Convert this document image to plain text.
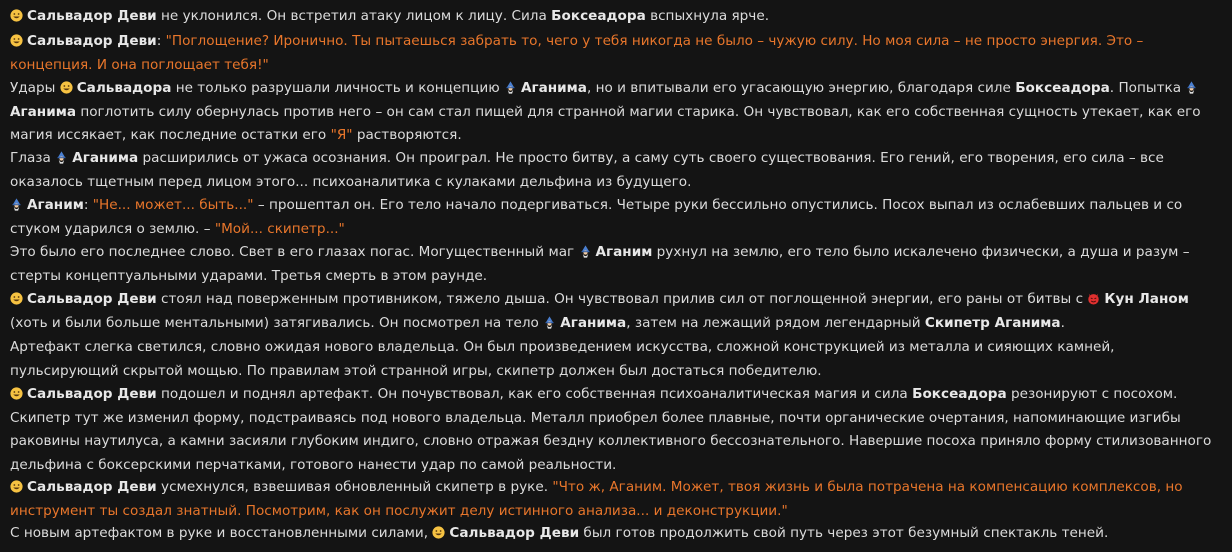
Сальвадор Деви не уклонился. Он встретил атаку лицом к лицу. Сила Боксеадора вспыхнула ярче.
Сальвадор Деви: "Поглощение? Иронично. Ты пытаешься забрать то, чего у тебя никогда не было – чужую силу. Но моя сила – не просто энергия. Это – концепция. И она поглощает тебя!"
Удары
Сальвадора не только разрушали личность и концепцию
Аганима, но и впитывали его угасающую энергию, благодаря силе Боксеадора. Попытка
Аганима поглотить силу обернулась против него – он сам стал пищей для странной магии старика. Он чувствовал, как его собственная сущность утекает, как его магия иссякает, как последние остатки его "Я" растворяются.
Глаза
Аганима расширились от ужаса осознания. Он проиграл. Не просто битву, а саму суть своего существования. Его гений, его творения, его сила – все оказалось тщетным перед лицом этого... психоаналитика с кулаками дельфина из будущего.
Аганим: "Не... может... быть..." – прошептал он. Его тело начало подергиваться. Четыре руки бессильно опустились. Посох выпал из ослабевших пальцев и со стуком ударился о землю. – "Мой... скипетр..."
Это было его последнее слово. Свет в его глазах погас. Могущественный маг
Аганим рухнул на землю, его тело было искалечено физически, а душа и разум – стерты концептуальными ударами. Третья смерть в этом раунде.
Сальвадор Деви стоял над поверженным противником, тяжело дыша. Он чувствовал прилив сил от поглощенной энергии, его раны от битвы с
Кун Ланом (хоть и были больше ментальными) затягивались. Он посмотрел на тело
Аганима, затем на лежащий рядом легендарный Скипетр Аганима.
Артефакт слегка светился, словно ожидая нового владельца. Он был произведением искусства, сложной конструкцией из металла и сияющих камней, пульсирующий скрытой мощью. По правилам этой странной игры, скипетр должен был достаться победителю.
Сальвадор Деви подошел и поднял артефакт. Он почувствовал, как его собственная психоаналитическая магия и сила Боксеадора резонируют с посохом. Скипетр тут же изменил форму, подстраиваясь под нового владельца. Металл приобрел более плавные, почти органические очертания, напоминающие изгибы раковины наутилуса, а камни засияли глубоким индиго, словно отражая бездну коллективного бессознательного. Навершие посоха приняло форму стилизованного дельфина с боксерскими перчатками, готового нанести удар по самой реальности.
Сальвадор Деви усмехнулся, взвешивая обновленный скипетр в руке. "Что ж, Аганим. Может, твоя жизнь и была потрачена на компенсацию комплексов, но инструмент ты создал знатный. Посмотрим, как он послужит делу истинного анализа... и деконструкции."
С новым артефактом в руке и восстановленными силами,
Сальвадор Деви был готов продолжить свой путь через этот безумный спектакль теней.
